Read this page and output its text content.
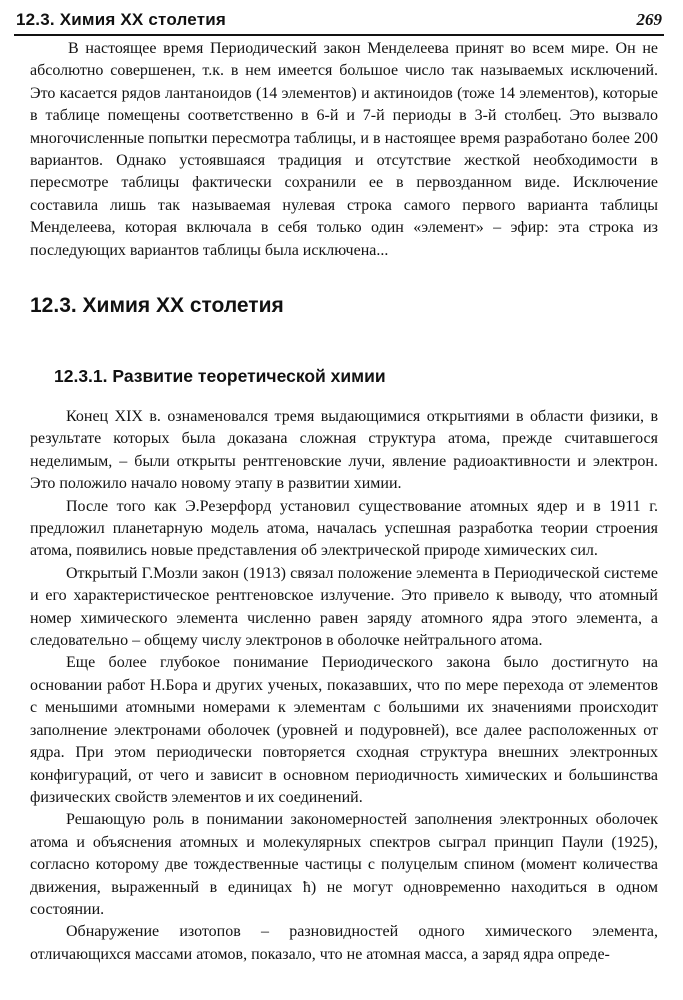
12.3. Химия XX столетия	269

В настоящее время Периодический закон Менделеева принят во всем мире. Он не абсолютно совершенен, т.к. в нем имеется большое число так называемых исключений. Это касается рядов лантаноидов (14 элементов) и актиноидов (тоже 14 элементов), которые в таблице помещены соответственно в 6-й и 7-й периоды в 3-й столбец. Это вызвало многочисленные попытки пересмотра таблицы, и в настоящее время разработано более 200 вариантов. Однако устоявшаяся традиция и отсутствие жесткой необходимости в пересмотре таблицы фактически сохранили ее в первозданном виде. Исключение составила лишь так называемая нулевая строка самого первого варианта таблицы Менделеева, которая включала в себя только один «элемент» – эфир: эта строка из последующих вариантов таблицы была исключена...

12.3. Химия XX столетия
12.3.1. Развитие теоретической химии

Конец XIX в. ознаменовался тремя выдающимися открытиями в области физики, в результате которых была доказана сложная структура атома, прежде считавшегося неделимым, – были открыты рентгеновские лучи, явление радиоактивности и электрон. Это положило начало новому этапу в развитии химии.

После того как Э.Резерфорд установил существование атомных ядер и в 1911 г. предложил планетарную модель атома, началась успешная разработка теории строения атома, появились новые представления об электрической природе химических сил.

Открытый Г.Мозли закон (1913) связал положение элемента в Периодической системе и его характеристическое рентгеновское излучение. Это привело к выводу, что атомный номер химического элемента численно равен заряду атомного ядра этого элемента, а следовательно – общему числу электронов в оболочке нейтрального атома.

Еще более глубокое понимание Периодического закона было достигнуто на основании работ Н.Бора и других ученых, показавших, что по мере перехода от элементов с меньшими атомными номерами к элементам с большими их значениями происходит заполнение электронами оболочек (уровней и подуровней), все далее расположенных от ядра. При этом периодически повторяется сходная структура внешних электронных конфигураций, от чего и зависит в основном периодичность химических и большинства физических свойств элементов и их соединений.

Решающую роль в понимании закономерностей заполнения электронных оболочек атома и объяснения атомных и молекулярных спектров сыграл принцип Паули (1925), согласно которому две тождественные частицы с полуцелым спином (момент количества движения, выраженный в единицах ħ) не могут одновременно находиться в одном состоянии.

Обнаружение изотопов – разновидностей одного химического элемента, отличающихся массами атомов, показало, что не атомная масса, а заряд ядра опреде-
